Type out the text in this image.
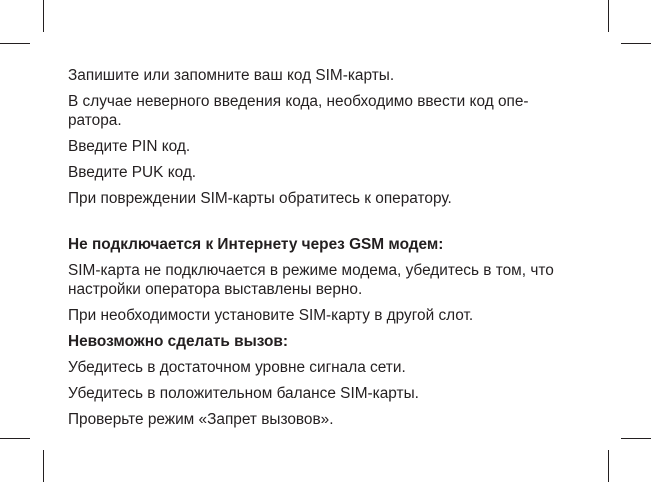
Запишите или запомните ваш код SIM-карты.
В случае неверного введения кода, необходимо ввести код опе-ратора.
Введите PIN код.
Введите PUK код.
При повреждении SIM-карты обратитесь к оператору.
Не подключается к Интернету через GSM модем:
SIM-карта не подключается в режиме модема, убедитесь в том, что настройки оператора выставлены верно.
При необходимости установите SIM-карту в другой слот.
Невозможно сделать вызов:
Убедитесь в достаточном уровне сигнала сети.
Убедитесь в положительном балансе SIM-карты.
Проверьте режим «Запрет вызовов».
